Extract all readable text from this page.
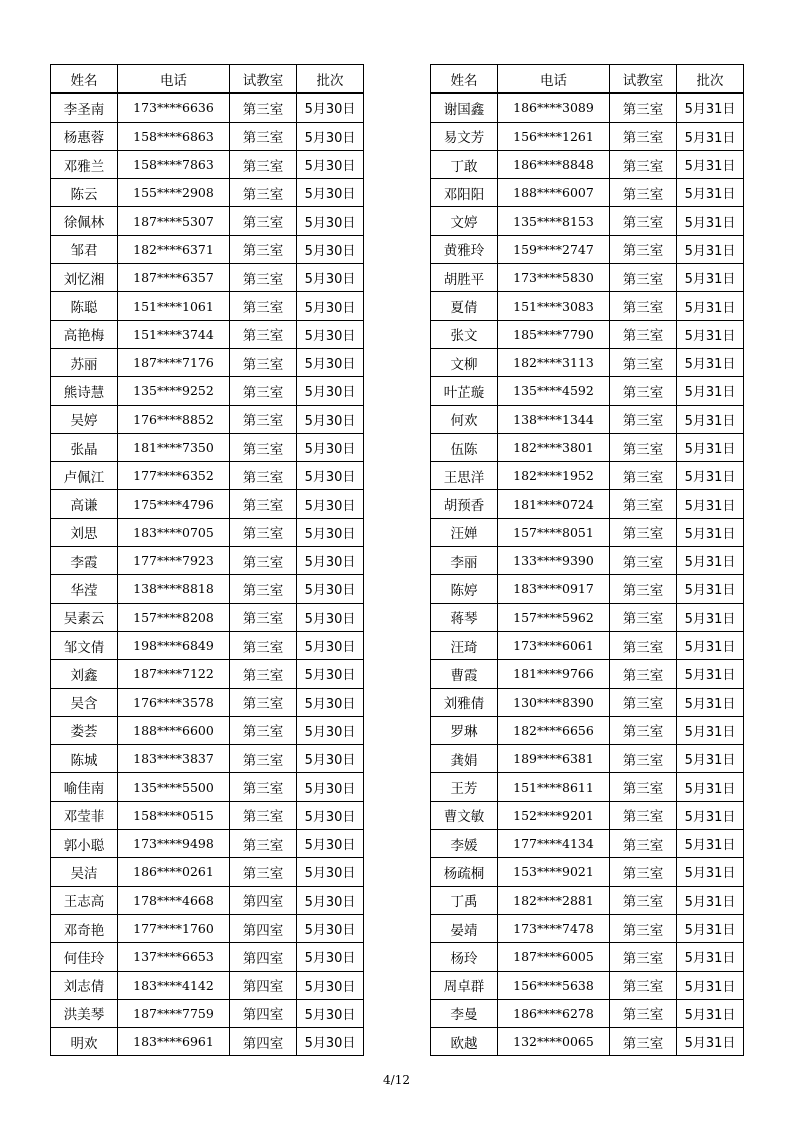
姓名	电话	试教室	批次
李圣南	173****6636	第三室	5月30日
杨惠蓉	158****6863	第三室	5月30日
邓雅兰	158****7863	第三室	5月30日
陈云	155****2908	第三室	5月30日
徐佩林	187****5307	第三室	5月30日
邹君	182****6371	第三室	5月30日
刘忆湘	187****6357	第三室	5月30日
陈聪	151****1061	第三室	5月30日
高艳梅	151****3744	第三室	5月30日
苏丽	187****7176	第三室	5月30日
熊诗慧	135****9252	第三室	5月30日
吴婷	176****8852	第三室	5月30日
张晶	181****7350	第三室	5月30日
卢佩江	177****6352	第三室	5月30日
高谦	175****4796	第三室	5月30日
刘思	183****0705	第三室	5月30日
李霞	177****7923	第三室	5月30日
华滢	138****8818	第三室	5月30日
吴素云	157****8208	第三室	5月30日
邹文倩	198****6849	第三室	5月30日
刘鑫	187****7122	第三室	5月30日
吴含	176****3578	第三室	5月30日
娄荟	188****6600	第三室	5月30日
陈城	183****3837	第三室	5月30日
喻佳南	135****5500	第三室	5月30日
邓莹菲	158****0515	第三室	5月30日
郭小聪	173****9498	第三室	5月30日
吴洁	186****0261	第三室	5月30日
王志高	178****4668	第四室	5月30日
邓奇艳	177****1760	第四室	5月30日
何佳玲	137****6653	第四室	5月30日
刘志倩	183****4142	第四室	5月30日
洪美琴	187****7759	第四室	5月30日
明欢	183****6961	第四室	5月30日
姓名	电话	试教室	批次
谢国鑫	186****3089	第三室	5月31日
易文芳	156****1261	第三室	5月31日
丁敢	186****8848	第三室	5月31日
邓阳阳	188****6007	第三室	5月31日
文婷	135****8153	第三室	5月31日
黄雅玲	159****2747	第三室	5月31日
胡胜平	173****5830	第三室	5月31日
夏倩	151****3083	第三室	5月31日
张文	185****7790	第三室	5月31日
文柳	182****3113	第三室	5月31日
叶芷璇	135****4592	第三室	5月31日
何欢	138****1344	第三室	5月31日
伍陈	182****3801	第三室	5月31日
王思洋	182****1952	第三室	5月31日
胡预香	181****0724	第三室	5月31日
汪婵	157****8051	第三室	5月31日
李丽	133****9390	第三室	5月31日
陈婷	183****0917	第三室	5月31日
蒋琴	157****5962	第三室	5月31日
汪琦	173****6061	第三室	5月31日
曹霞	181****9766	第三室	5月31日
刘雅倩	130****8390	第三室	5月31日
罗琳	182****6656	第三室	5月31日
龚娟	189****6381	第三室	5月31日
王芳	151****8611	第三室	5月31日
曹文敏	152****9201	第三室	5月31日
李媛	177****4134	第三室	5月31日
杨疏桐	153****9021	第三室	5月31日
丁禹	182****2881	第三室	5月31日
晏靖	173****7478	第三室	5月31日
杨玲	187****6005	第三室	5月31日
周卓群	156****5638	第三室	5月31日
李曼	186****6278	第三室	5月31日
欧越	132****0065	第三室	5月31日
4/12
